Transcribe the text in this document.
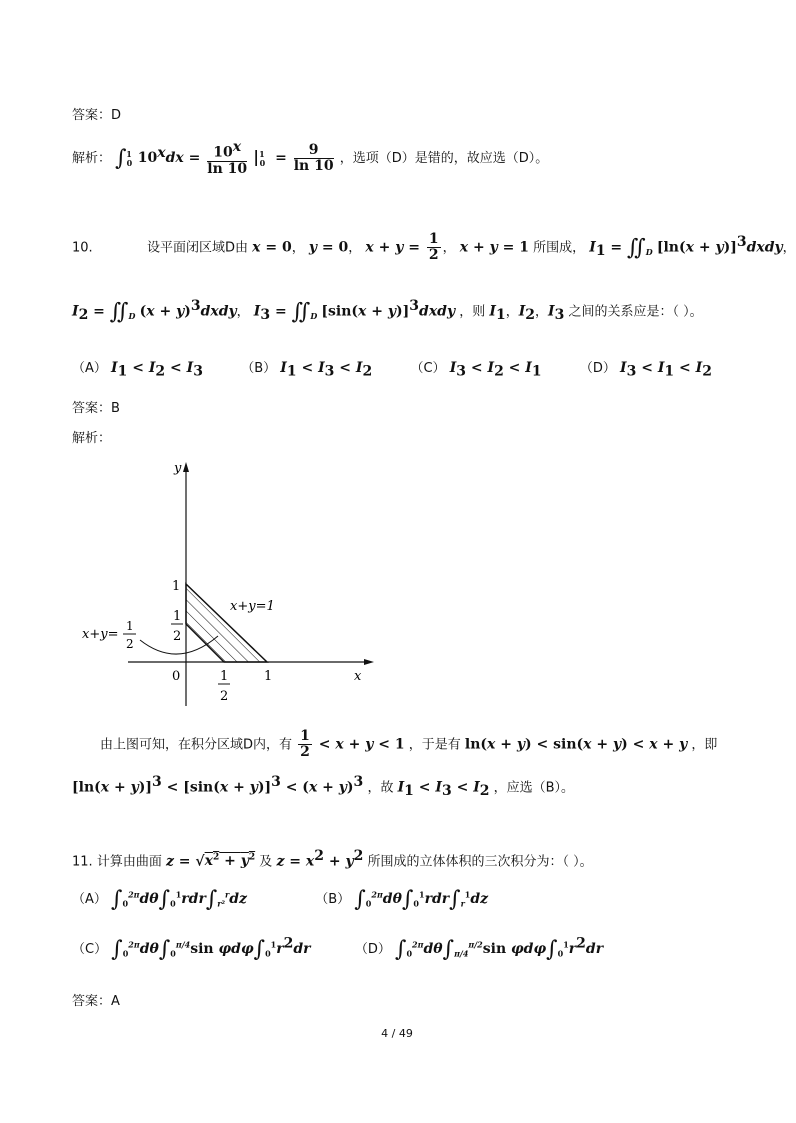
答案：D
解析： $\int_0^1$ $10^xdx = \frac{10^x}{\ln 10} |^1_0 = \frac{9}{\ln 10}$ ，选项（D）是错的，故应选（D）。
10.	设平面闭区域D由 x = 0， y = 0， $x + y = \frac{1}{2}$ ， x + y = 1 所围成， $I_1$ = $∬_D$ $[\ln(x + y)]^3dxdy$，
$I_2$ = $∬_D$ $(x + y)^3dxdy$， $I_3$ = $∬_D$ $[\sin(x + y)]^3dxdy$ ，则 $I_1$，$I_2$，$I_3$ 之间的关系应是：（ ）。
（A） $I_1 < I_2 < I_3$	（B） $I_1 < I_3 < I_2$	（C） $I_3 < I_2 < I_1$	（D） $I_3 < I_1 < I_2$
答案：B
解析：
y
x
0
1
1
2
1
1
2
x+y=1
x+y=
1
2
由上图可知，在积分区域D内，有 $\frac{1}{2} < x + y < 1$ ，于是有 ln(x + y) < sin(x + y) < x + y ，即
$[\ln(x + y)]^3 < [\sin(x + y)]^3 < (x + y)^3$ ，故 $I_1 < I_3 < I_2$ ，应选（B）。
11. 计算由曲面 $z = √x^2 + y^2$ 及 $z = x^2 + y^2$ 所围成的立体体积的三次积分为：（ ）。
（A） $\int_0^{2\pi}d\theta\int_0^1rdr\int_{r^2}^rdz$	（B） $\int_0^{2\pi}d\theta\int_0^1rdr\int_r^1dz$
（C） $\int_0^{2\pi}d\theta\int_0^{\pi/4}\sin$ $\varphi d\varphi\int_0^1r^2dr$	（D） $\int_0^{2\pi}d\theta\int_{\pi/4}^{\pi/2}\sin$ $\varphi d\varphi\int_0^1r^2dr$
答案：A
4 / 49
